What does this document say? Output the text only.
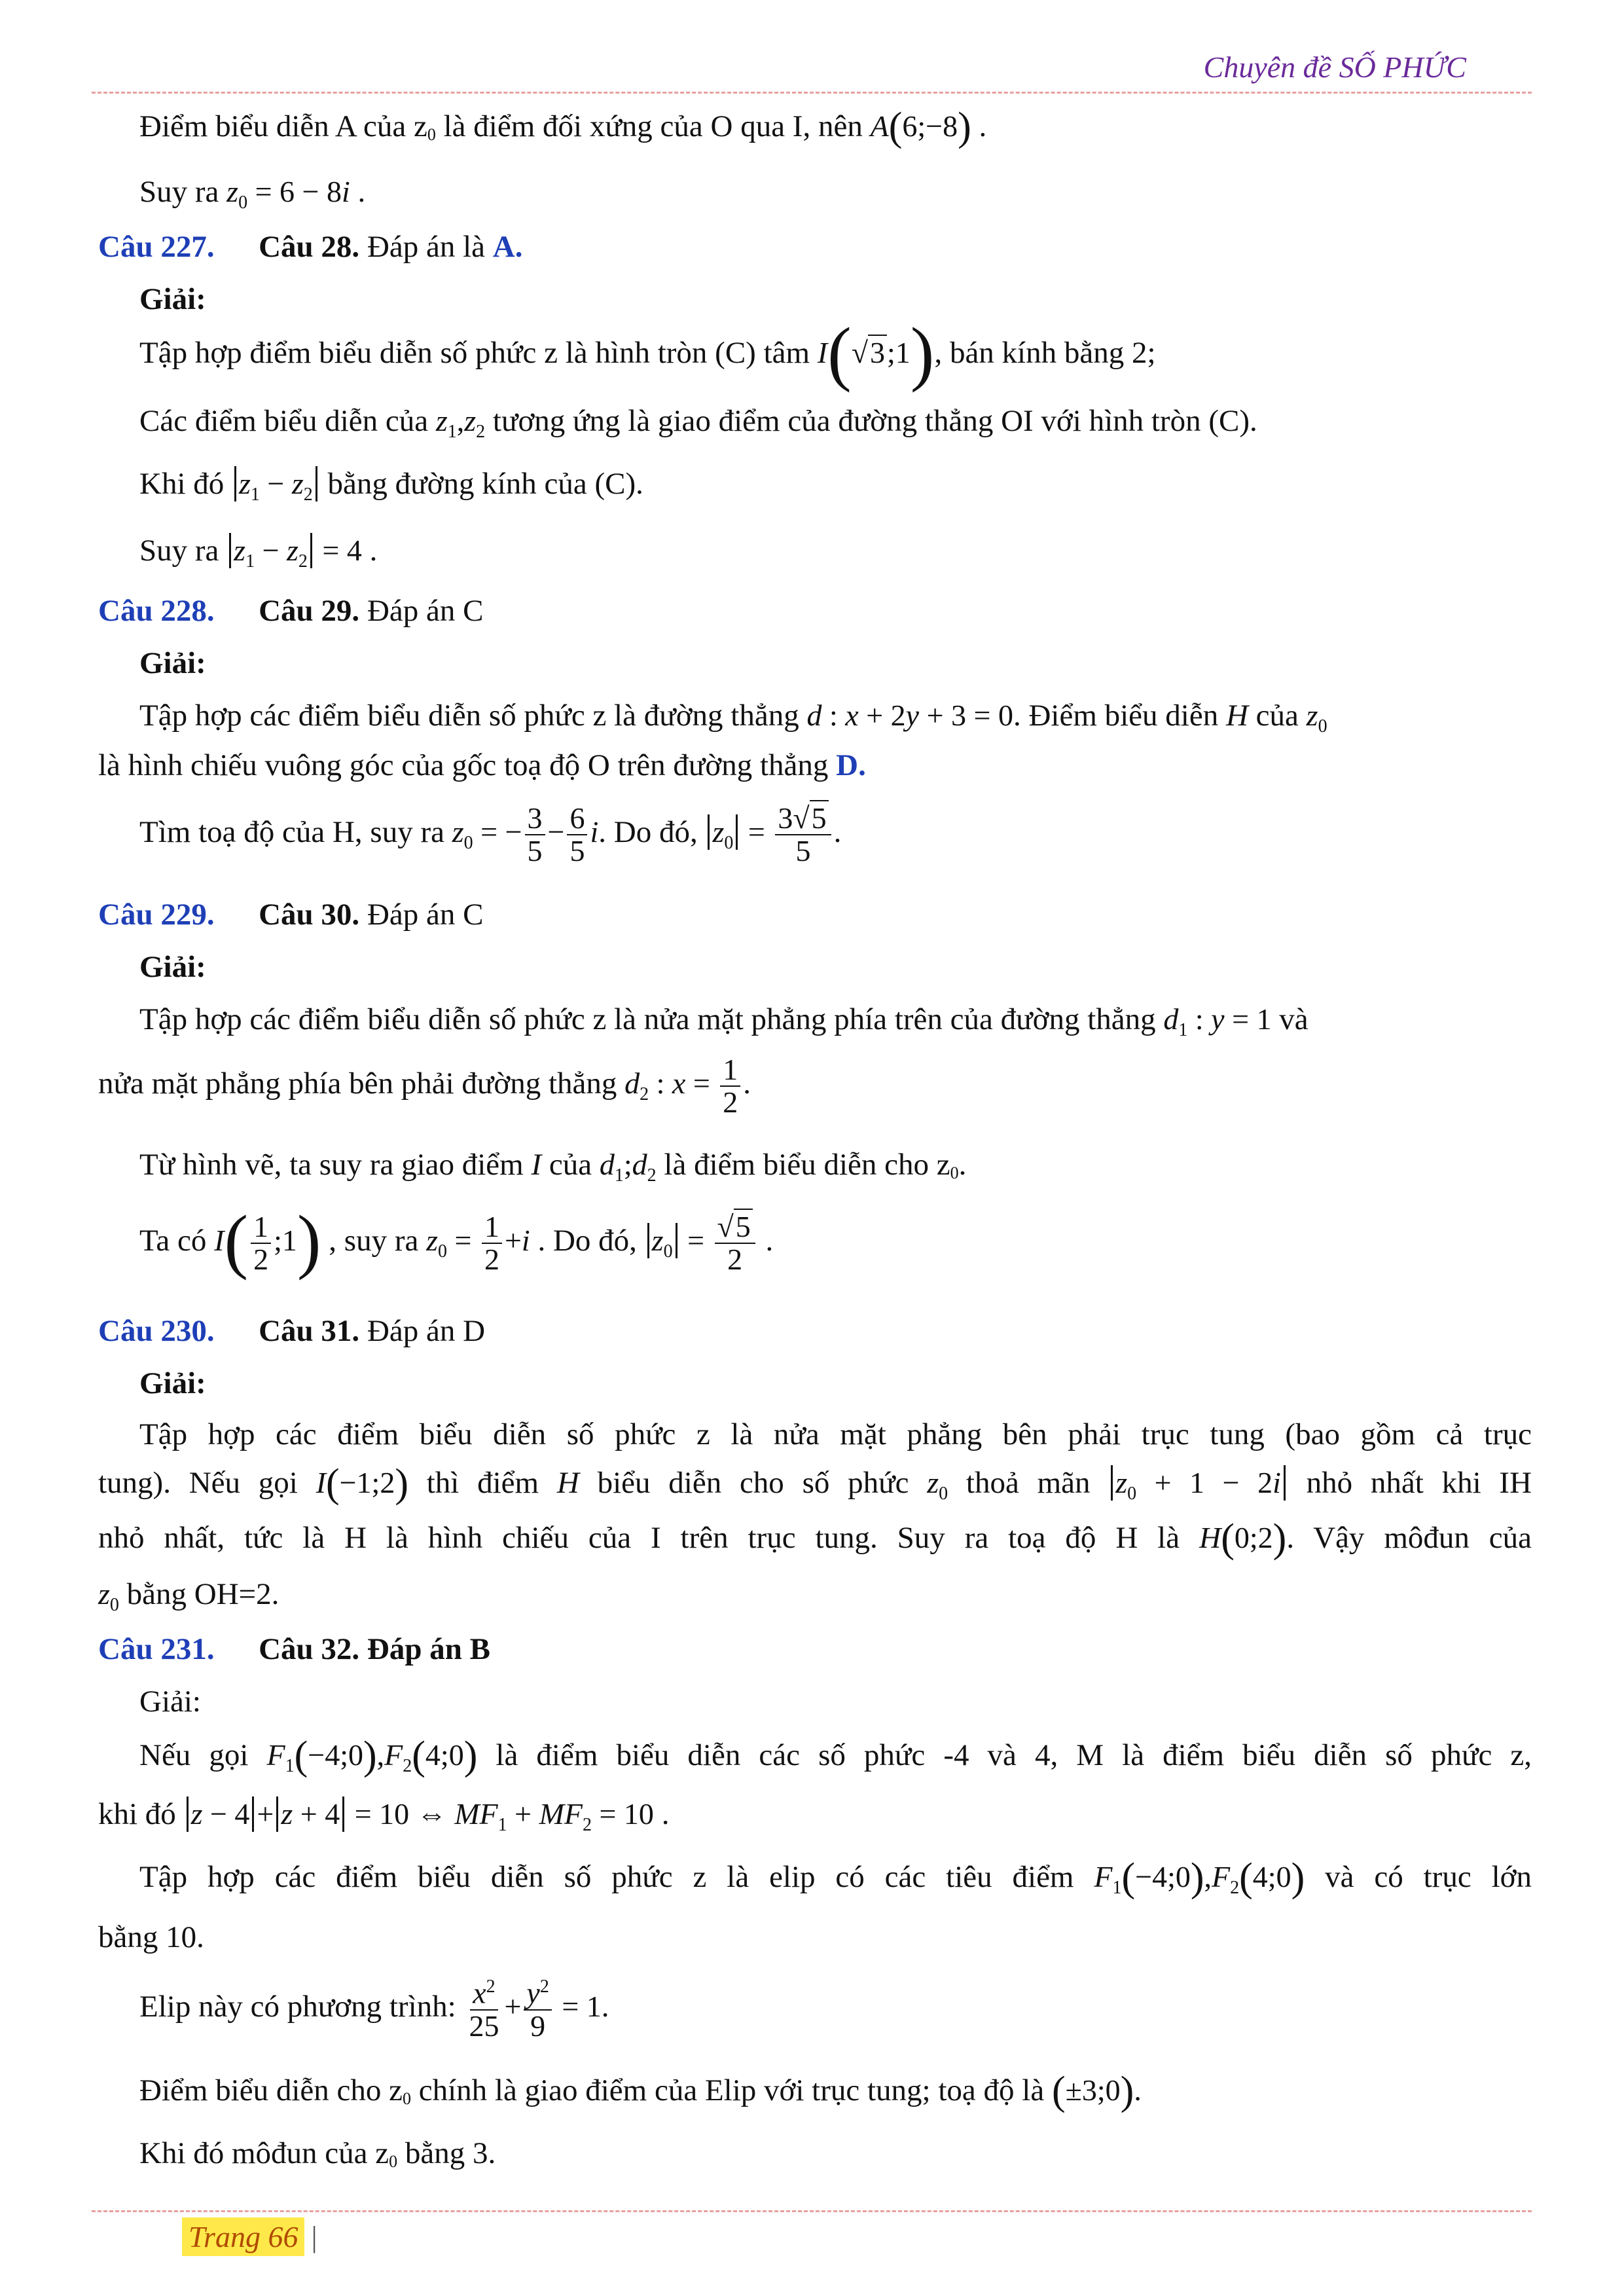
Chuyên đề SỐ PHỨC
Điểm biểu diễn A của $z_0$ là điểm đối xứng của O qua I, nên A(6;−8) .
Suy ra $z_0 = 6 - 8i$ .
Câu 227. Câu 28. Đáp án là A.
Giải:
Tập hợp điểm biểu diễn số phức z là hình tròn (C) tâm I(√3;1), bán kính bằng 2;
Các điểm biểu diễn của $z_1,z_2$ tương ứng là giao điểm của đường thẳng OI với hình tròn (C).
Khi đó $z_1 - z_2$ bằng đường kính của (C).
Suy ra $z_1 - z_2 = 4$ .
Câu 228. Câu 29. Đáp án C
Giải:
Tập hợp các điểm biểu diễn số phức z là đường thẳng d : x + 2y + 3 = 0. Điểm biểu diễn H của $z_0$
là hình chiếu vuông góc của gốc toạ độ O trên đường thẳng D.
Tìm toạ độ của H, suy ra $z_0$ = − $\frac{3}{5} - \frac{6}{5} i$. Do đó, $z_0 = \frac{3√5}{5}$ .
Câu 229. Câu 30. Đáp án C
Giải:
Tập hợp các điểm biểu diễn số phức z là nửa mặt phẳng phía trên của đường thẳng $d_1$ : y = 1 và
nửa mặt phẳng phía bên phải đường thẳng $d_2$ : $x = \frac{1}{2}$ .
Từ hình vẽ, ta suy ra giao điểm I của $d_1;d_2$ là điểm biểu diễn cho $z_0$.
Ta có $I( \frac{1}{2}$ ;1) , suy ra $z_0 = \frac{1}{2} +i$ . Do đó, $z_0 = \frac{√5}{2}$ .
Câu 230. Câu 31. Đáp án D
Giải:
Tập hợp các điểm biểu diễn số phức z là nửa mặt phẳng bên phải trục tung (bao gồm cả trục
tung). Nếu gọi I(−1;2) thì điểm H biểu diễn cho số phức $z_0$ thoả mãn $z_0 + 1 - 2i$ nhỏ nhất khi IH
nhỏ nhất, tức là H là hình chiếu của I trên trục tung. Suy ra toạ độ H là H(0;2). Vậy môđun của
$z_0$ bằng OH=2.
Câu 231. Câu 32. Đáp án B
Giải:
Nếu gọi $F_1(-4;0),F_2(4;0)$ là điểm biểu diễn các số phức -4 và 4, M là điểm biểu diễn số phức z,
khi đó z − 4 + z + 4 = 10 ⇔ $MF_1 + MF_2 = 10$ .
Tập hợp các điểm biểu diễn số phức z là elip có các tiêu điểm $F_1(-4;0),F_2(4;0)$ và có trục lớn
bằng 10.
Elip này có phương trình: $\frac{x^2}{25} + \frac{y^2}{9} = 1$.
Điểm biểu diễn cho $z_0$ chính là giao điểm của Elip với trục tung; toạ độ là (±3;0).
Khi đó môđun của $z_0$ bằng 3.
Trang 66 |
